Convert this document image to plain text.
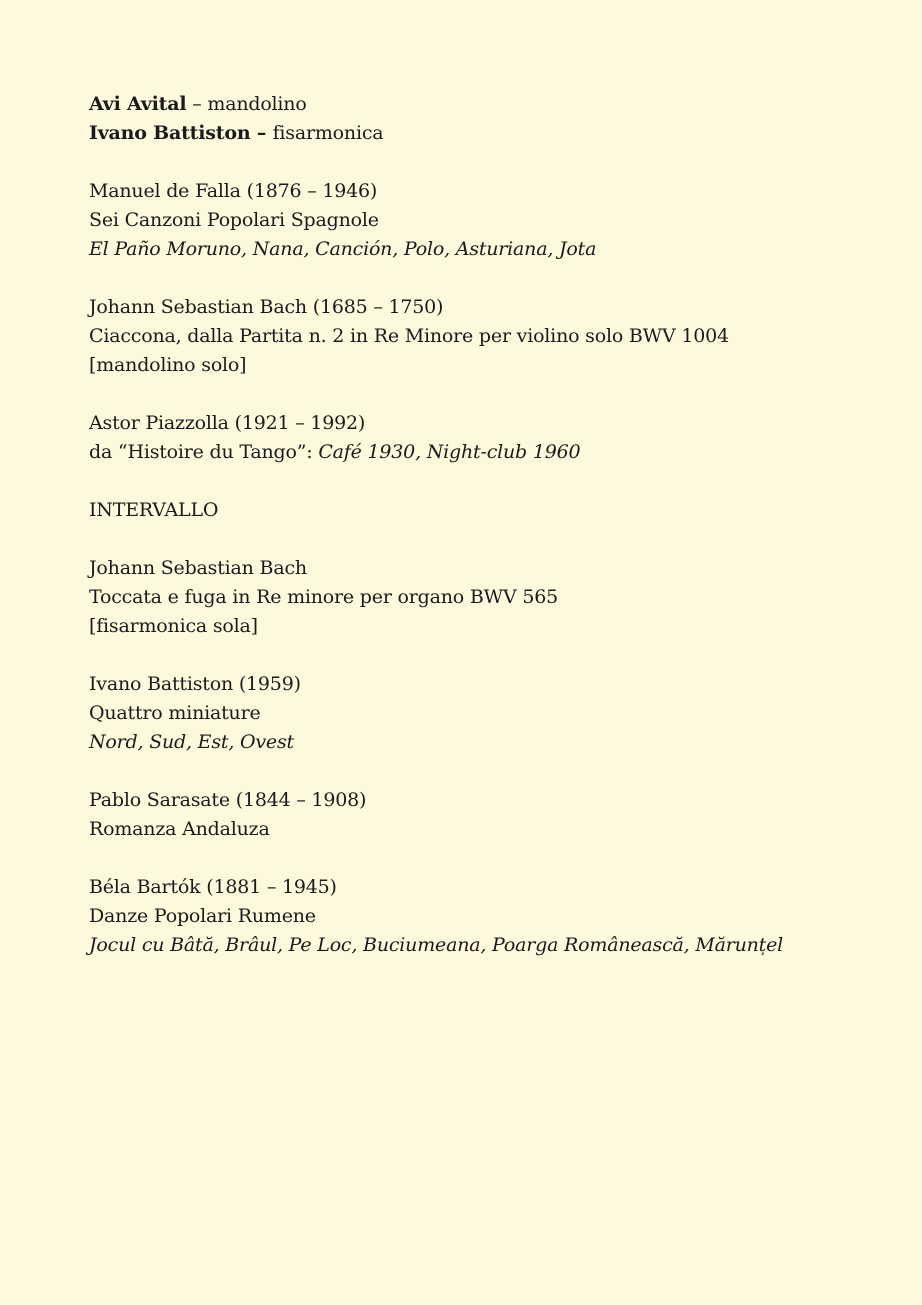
Avi Avital – mandolino
Ivano Battiston – fisarmonica
Manuel de Falla (1876 – 1946)
Sei Canzoni Popolari Spagnole
El Paño Moruno, Nana, Canción, Polo, Asturiana, Jota
Johann Sebastian Bach (1685 – 1750)
Ciaccona, dalla Partita n. 2 in Re Minore per violino solo BWV 1004
[mandolino solo]
Astor Piazzolla (1921 – 1992)
da “Histoire du Tango”: Café 1930, Night-club 1960
INTERVALLO
Johann Sebastian Bach
Toccata e fuga in Re minore per organo BWV 565
[fisarmonica sola]
Ivano Battiston (1959)
Quattro miniature
Nord, Sud, Est, Ovest
Pablo Sarasate (1844 – 1908)
Romanza Andaluza
Béla Bartók (1881 – 1945)
Danze Popolari Rumene
Jocul cu Bâtă, Brâul, Pe Loc, Buciumeana, Poarga Românească, Mărunțel
